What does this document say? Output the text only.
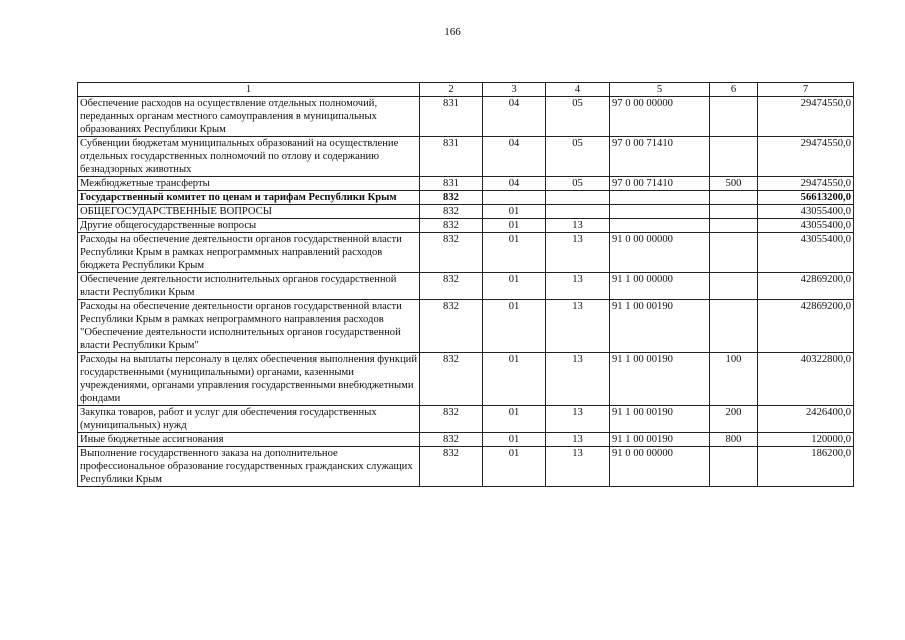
166
1	2	3	4	5	6	7
Обеспечение расходов на осуществление отдельных полномочий, переданных органам местного самоуправления в муниципальных образованиях Республики Крым	831	04	05	97 0 00 00000		29474550,0
Субвенции бюджетам муниципальных образований на осуществление отдельных государственных полномочий по отлову и содержанию безнадзорных животных	831	04	05	97 0 00 71410		29474550,0
Межбюджетные трансферты	831	04	05	97 0 00 71410	500	29474550,0
Государственный комитет по ценам и тарифам Республики Крым	832					56613200,0
ОБЩЕГОСУДАРСТВЕННЫЕ ВОПРОСЫ	832	01				43055400,0
Другие общегосударственные вопросы	832	01	13			43055400,0
Расходы на обеспечение деятельности органов государственной власти Республики Крым в рамках непрограммных направлений расходов бюджета Республики Крым	832	01	13	91 0 00 00000		43055400,0
Обеспечение деятельности исполнительных органов государственной власти Республики Крым	832	01	13	91 1 00 00000		42869200,0
Расходы на обеспечение деятельности органов государственной власти Республики Крым в рамках непрограммного направления расходов "Обеспечение деятельности исполнительных органов государственной власти Республики Крым"	832	01	13	91 1 00 00190		42869200,0
Расходы на выплаты персоналу в целях обеспечения выполнения функций государственными (муниципальными) органами, казенными учреждениями, органами управления государственными внебюджетными фондами	832	01	13	91 1 00 00190	100	40322800,0
Закупка товаров, работ и услуг для обеспечения государственных (муниципальных) нужд	832	01	13	91 1 00 00190	200	2426400,0
Иные бюджетные ассигнования	832	01	13	91 1 00 00190	800	120000,0
Выполнение государственного заказа на дополнительное профессиональное образование государственных гражданских служащих Республики Крым	832	01	13	91 0 00 00000		186200,0
